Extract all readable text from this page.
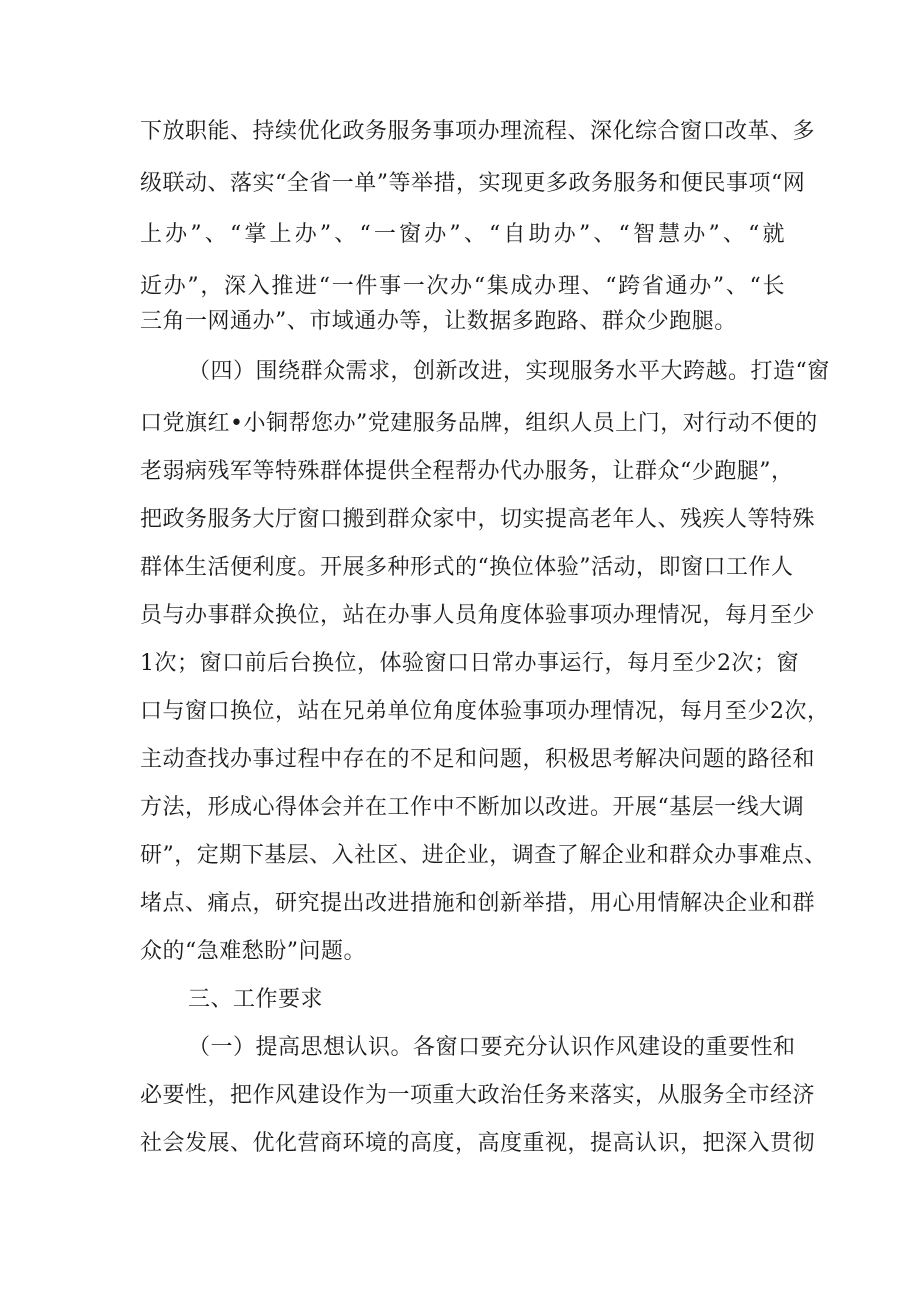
下放职能、持续优化政务服务事项办理流程、深化综合窗口改革、多
级联动、落实“全省一单”等举措，实现更多政务服务和便民事项“网
上办”、“掌上办”、“一窗办”、“自助办”、“智慧办”、“就
近办”，深入推进“一件事一次办“集成办理、“跨省通办”、“长
三角一网通办”、市域通办等，让数据多跑路、群众少跑腿。
（四）围绕群众需求，创新改进，实现服务水平大跨越。打造“窗
口党旗红•小铜帮您办”党建服务品牌，组织人员上门，对行动不便的
老弱病残军等特殊群体提供全程帮办代办服务，让群众“少跑腿”，
把政务服务大厅窗口搬到群众家中，切实提高老年人、残疾人等特殊
群体生活便利度。开展多种形式的“换位体验”活动，即窗口工作人
员与办事群众换位，站在办事人员角度体验事项办理情况，每月至少
1次；窗口前后台换位，体验窗口日常办事运行，每月至少2次；窗
口与窗口换位，站在兄弟单位角度体验事项办理情况，每月至少2次，
主动查找办事过程中存在的不足和问题，积极思考解决问题的路径和
方法，形成心得体会并在工作中不断加以改进。开展“基层一线大调
研”，定期下基层、入社区、进企业，调查了解企业和群众办事难点、
堵点、痛点，研究提出改进措施和创新举措，用心用情解决企业和群
众的“急难愁盼”问题。
三、工作要求
（一）提高思想认识。各窗口要充分认识作风建设的重要性和
必要性，把作风建设作为一项重大政治任务来落实，从服务全市经济
社会发展、优化营商环境的高度，高度重视，提高认识，把深入贯彻
